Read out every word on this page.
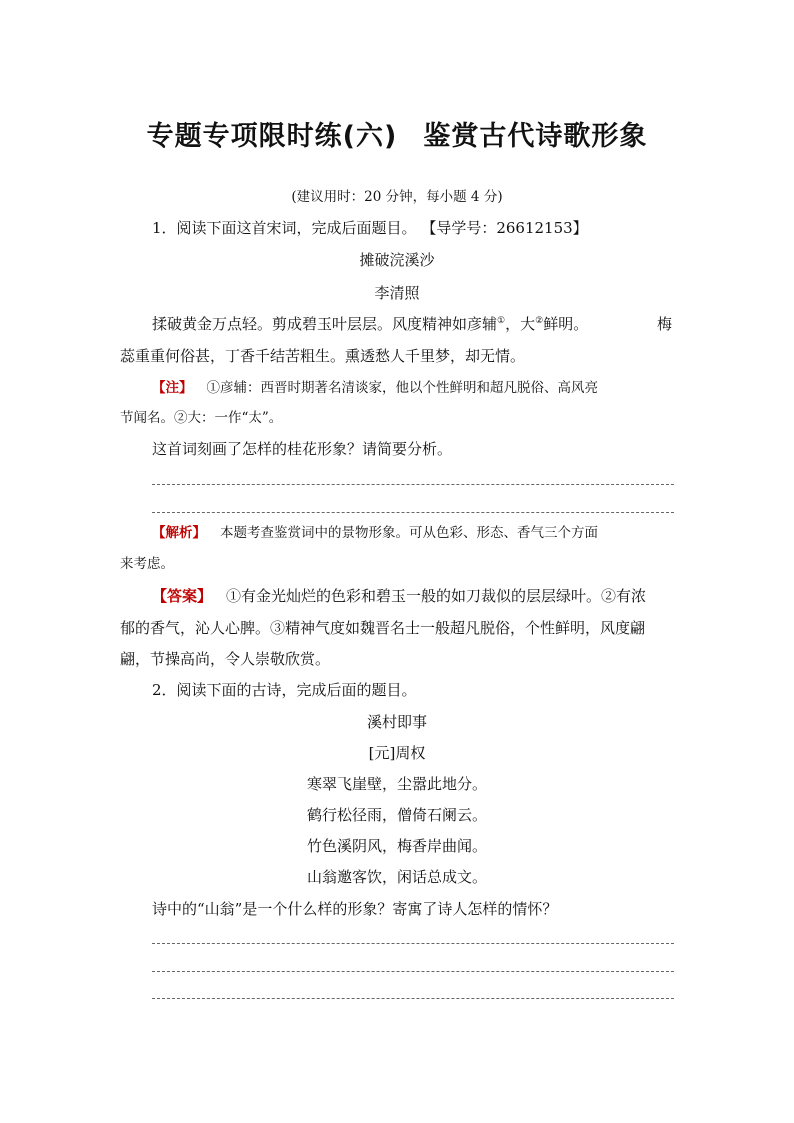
专题专项限时练(六) 鉴赏古代诗歌形象
(建议用时：20 分钟，每小题 4 分)
1．阅读下面这首宋词，完成后面题目。 【导学号：26612153】
摊破浣溪沙
李清照
揉破黄金万点轻。剪成碧玉叶层层。风度精神如彦辅①，大②鲜明。	梅
蕊重重何俗甚，丁香千结苦粗生。熏透愁人千里梦，却无情。
【注】 ①彦辅：西晋时期著名清谈家，他以个性鲜明和超凡脱俗、高风亮
节闻名。②大：一作“太”。
这首词刻画了怎样的桂花形象？请简要分析。
【解析】 本题考查鉴赏词中的景物形象。可从色彩、形态、香气三个方面
来考虑。
【答案】 ①有金光灿烂的色彩和碧玉一般的如刀裁似的层层绿叶。②有浓
郁的香气，沁人心脾。③精神气度如魏晋名士一般超凡脱俗，个性鲜明，风度翩
翩，节操高尚，令人崇敬欣赏。
2．阅读下面的古诗，完成后面的题目。
溪村即事
[元]周权
寒翠飞崖壁，尘嚣此地分。
鹤行松径雨，僧倚石阑云。
竹色溪阴风，梅香岸曲闻。
山翁邀客饮，闲话总成文。
诗中的“山翁”是一个什么样的形象？寄寓了诗人怎样的情怀？
